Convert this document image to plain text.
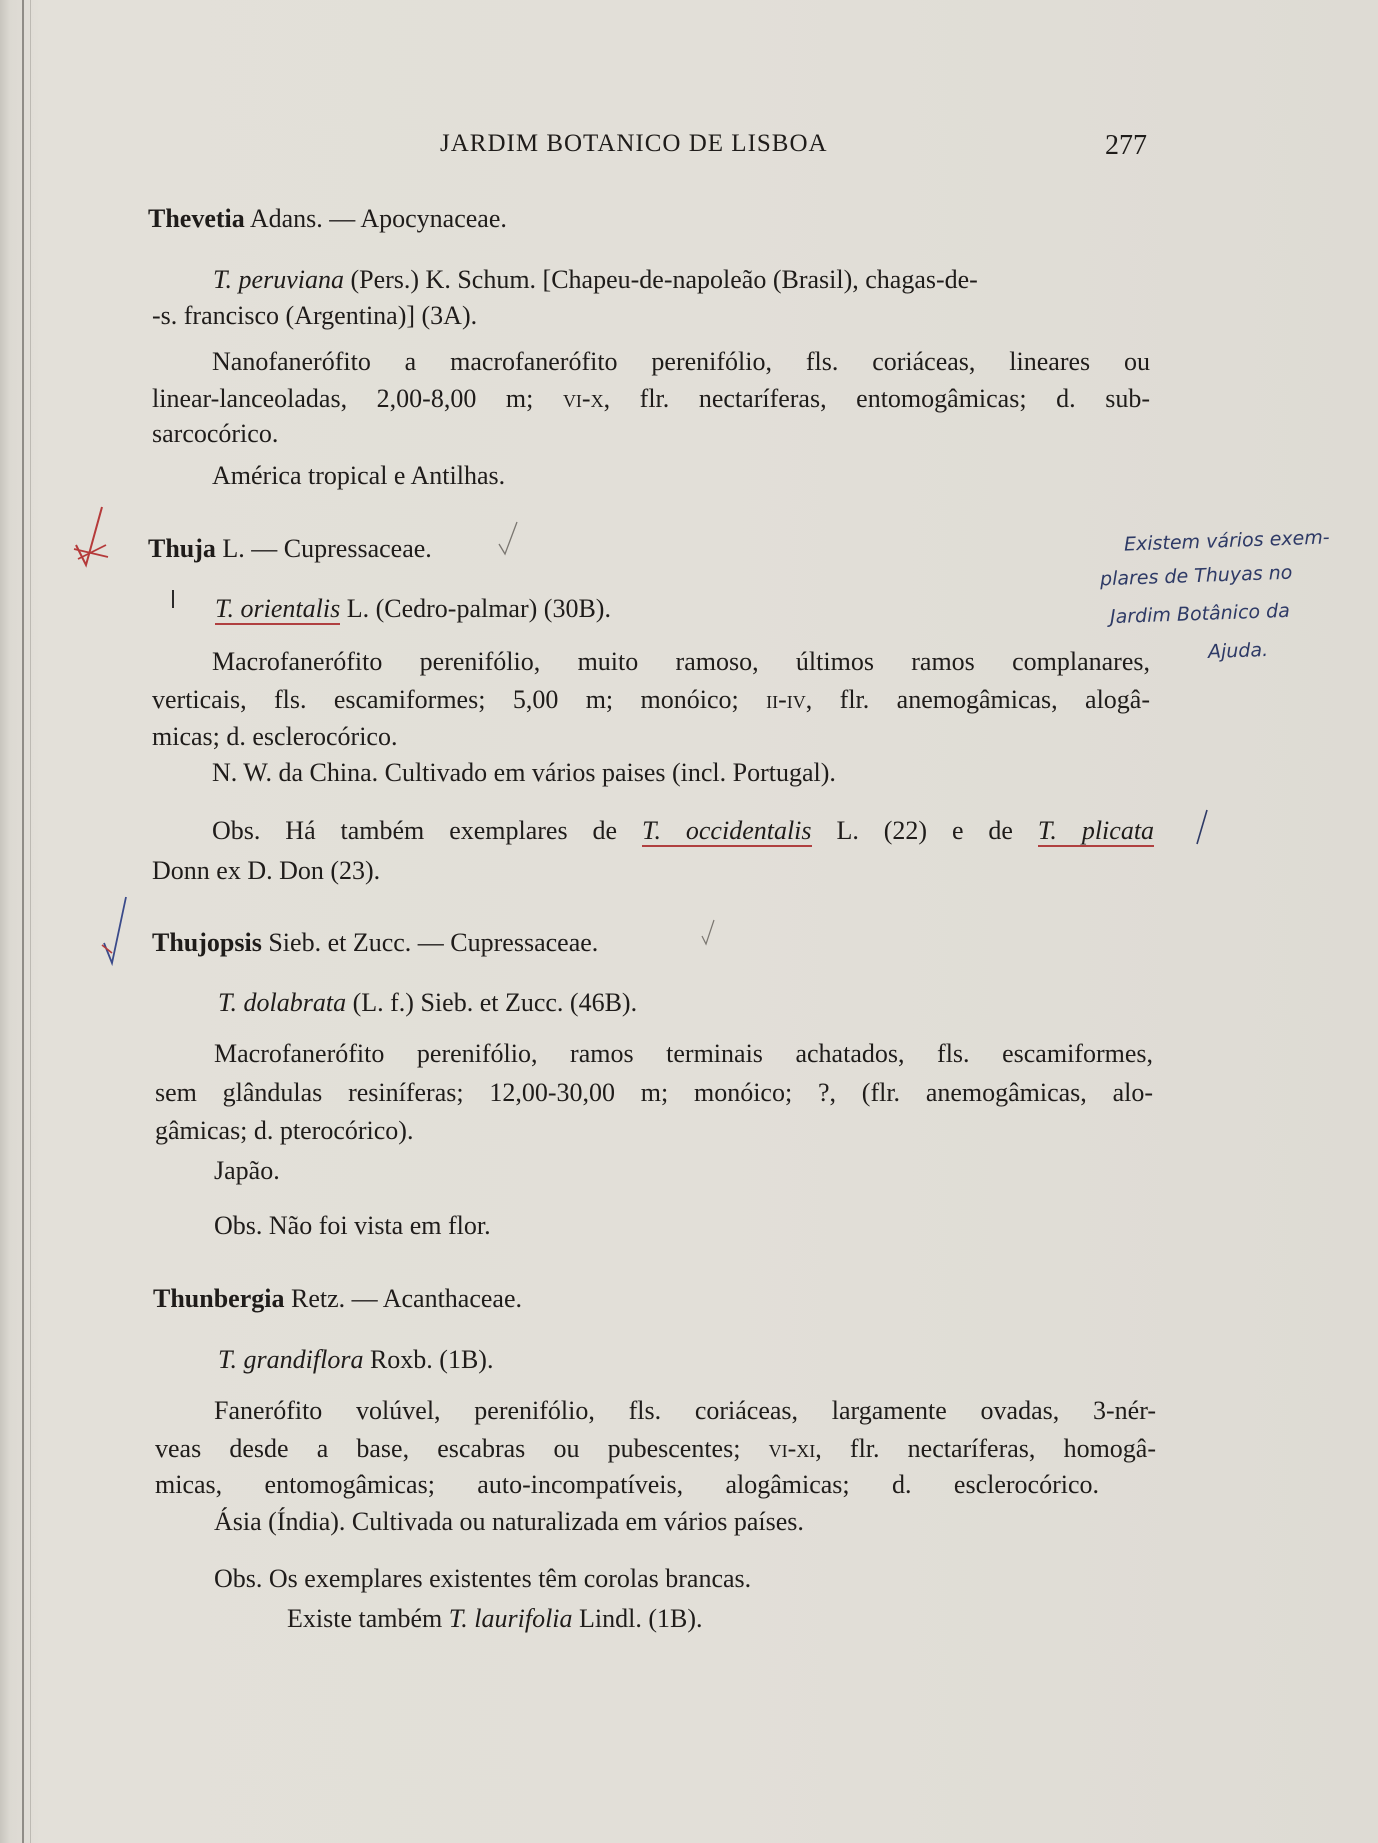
JARDIM BOTANICO DE LISBOA	277
Thevetia Adans. — Apocynaceae.
T. peruviana (Pers.) K. Schum. [Chapeu-de-napoleão (Brasil), chagas-de-
-s. francisco (Argentina)] (3A).
Nanofanerófito a macrofanerófito perenifólio, fls. coriáceas, lineares ou
linear-lanceoladas, 2,00-8,00 m; vi-x, flr. nectaríferas, entomogâmicas; d. sub-
sarcocórico.
América tropical e Antilhas.
Thuja L. — Cupressaceae.
T. orientalis L. (Cedro-palmar) (30B).
Macrofanerófito perenifólio, muito ramoso, últimos ramos complanares,
verticais, fls. escamiformes; 5,00 m; monóico; ii-iv, flr. anemogâmicas, alogâ-
micas; d. esclerocórico.
N. W. da China. Cultivado em vários paises (incl. Portugal).
Obs. Há também exemplares de T. occidentalis L. (22) e de T. plicata
Donn ex D. Don (23).
Existem vários exem-
plares de Thuyas no
Jardim Botânico da
Ajuda.
Thujopsis Sieb. et Zucc. — Cupressaceae.
T. dolabrata (L. f.) Sieb. et Zucc. (46B).
Macrofanerófito perenifólio, ramos terminais achatados, fls. escamiformes,
sem glândulas resiníferas; 12,00-30,00 m; monóico; ?, (flr. anemogâmicas, alo-
gâmicas; d. pterocórico).
Japão.
Obs. Não foi vista em flor.
Thunbergia Retz. — Acanthaceae.
T. grandiflora Roxb. (1B).
Fanerófito volúvel, perenifólio, fls. coriáceas, largamente ovadas, 3-nér-
veas desde a base, escabras ou pubescentes; vi-xi, flr. nectaríferas, homogâ-
micas, entomogâmicas; auto-incompatíveis, alogâmicas; d. esclerocórico.
Ásia (Índia). Cultivada ou naturalizada em vários países.
Obs. Os exemplares existentes têm corolas brancas.
Existe também T. laurifolia Lindl. (1B).
